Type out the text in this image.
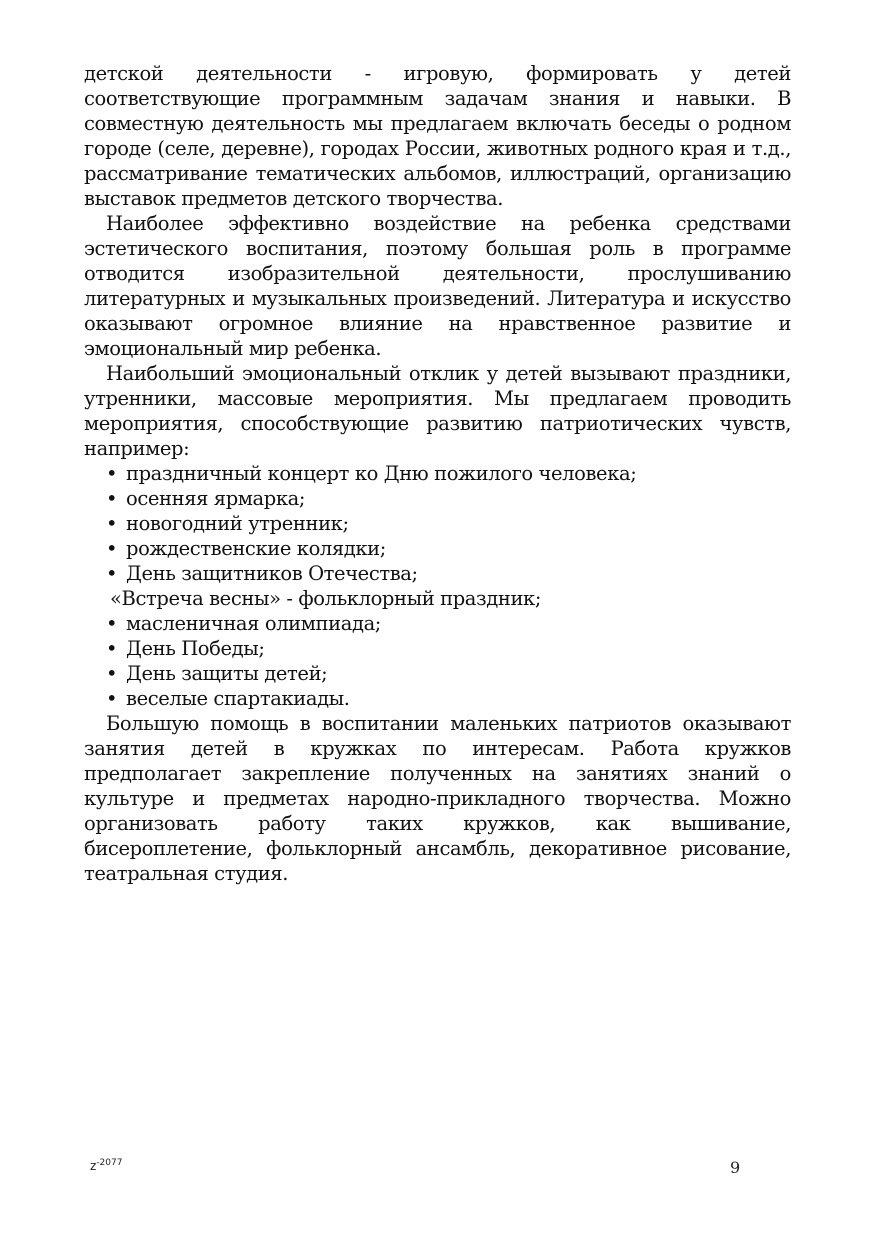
детской деятельности - игровую, формировать у детей соответствующие программным задачам знания и навыки. В совместную деятельность мы предлагаем включать беседы о родном городе (селе, деревне), городах России, животных родного края и т.д., рассматривание тематических альбомов, иллюстраций, организацию выставок предметов детского творчества.

Наиболее эффективно воздействие на ребенка средствами эстетического воспитания, поэтому большая роль в программе отводится изобразительной деятельности, прослушиванию литературных и музыкальных произведений. Литература и искусство оказывают огромное влияние на нравственное развитие и эмоциональный мир ребенка.

Наибольший эмоциональный отклик у детей вызывают праздники, утренники, массовые мероприятия. Мы предлагаем проводить мероприятия, способствующие развитию патриотических чувств, например:

• праздничный концерт ко Дню пожилого человека;
• осенняя ярмарка;
• новогодний утренник;
• рождественские колядки;
• День защитников Отечества;
«Встреча весны» - фольклорный праздник;
• масленичная олимпиада;
• День Победы;
• День защиты детей;
• веселые спартакиады.

Большую помощь в воспитании маленьких патриотов оказывают занятия детей в кружках по интересам. Работа кружков предполагает закрепление полученных на занятиях знаний о культуре и предметах народно-прикладного творчества. Можно организовать работу таких кружков, как вышивание, бисероплетение, фольклорный ансамбль, декоративное рисование, театральная студия.

$z^{-2077}$	9
